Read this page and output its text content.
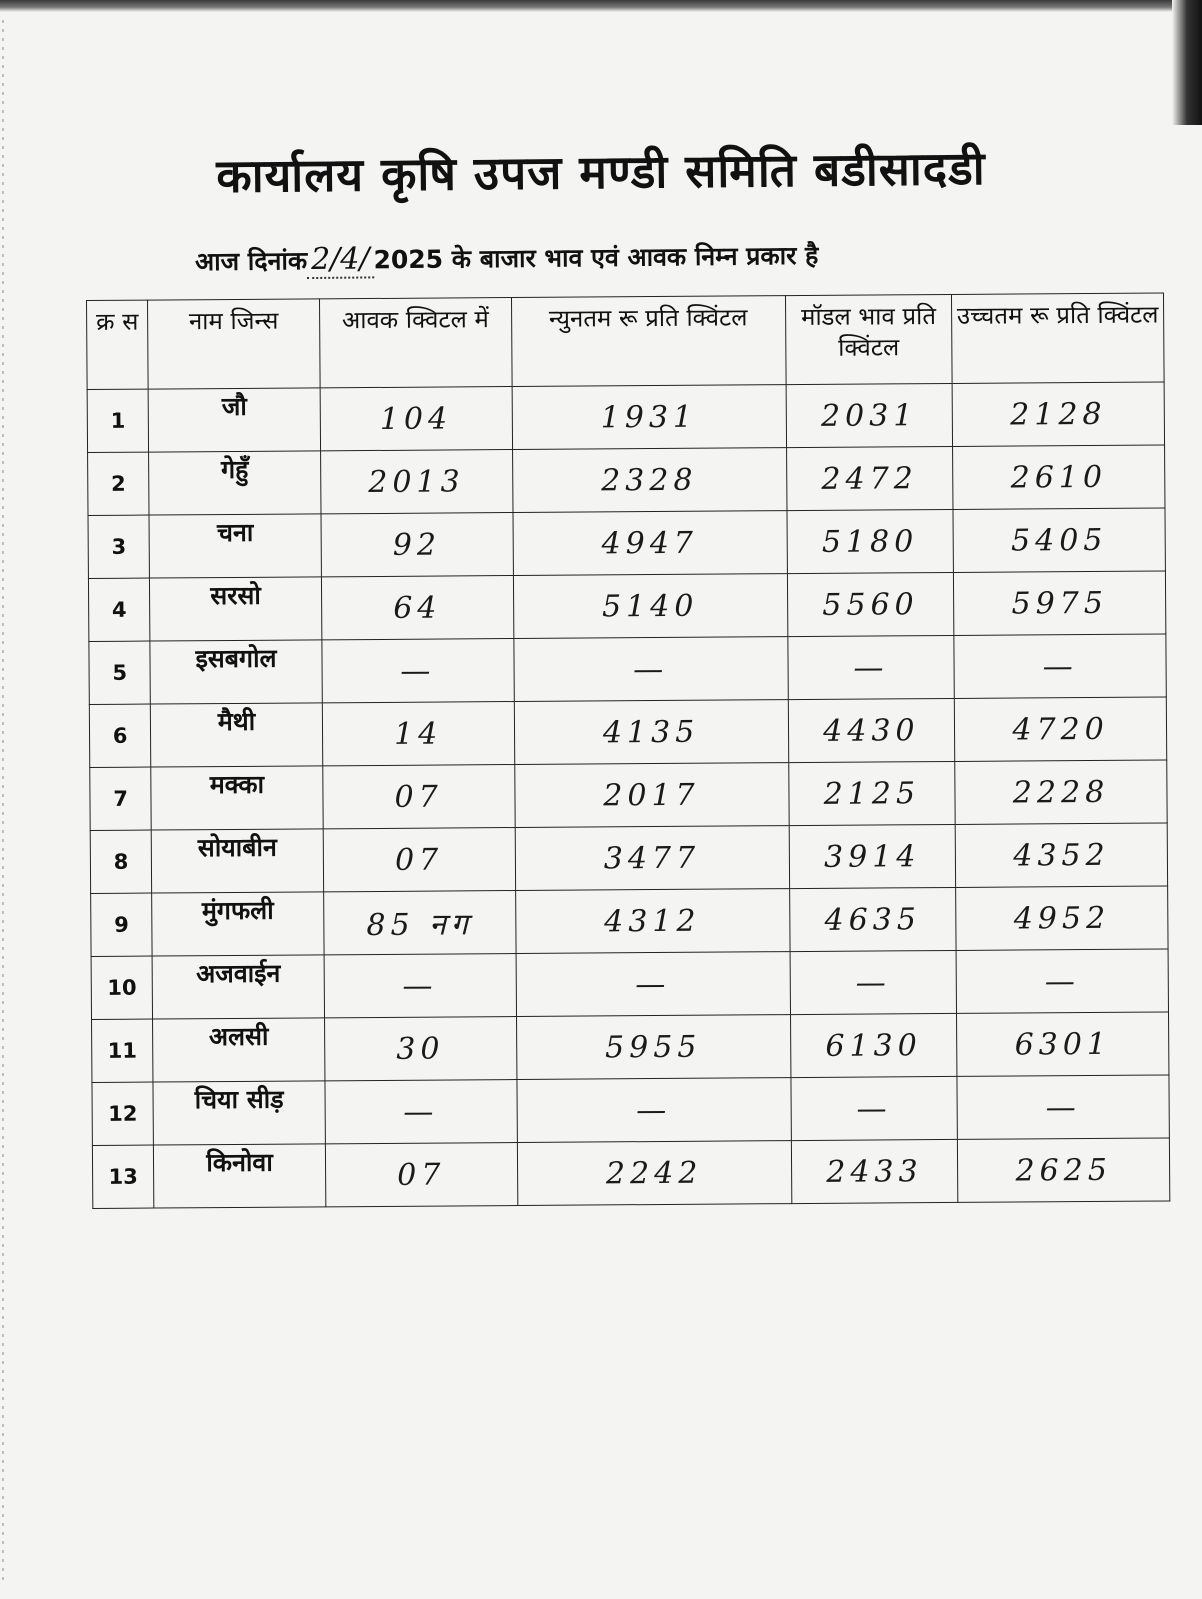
कार्यालय कृषि उपज मण्डी समिति बडीसादडी
आज दिनांक 2/4/ 2025 के बाजार भाव एवं आवक निम्न प्रकार है
क्र स	नाम जिन्स	आवक क्विटल में	न्युनतम रू प्रति क्विंटल	मॉडल भाव प्रति क्विंटल	उच्चतम रू प्रति क्विंटल
1	जौ	104	1931	2031	2128
2	गेहुँ	2013	2328	2472	2610
3	चना	92	4947	5180	5405
4	सरसो	64	5140	5560	5975
5	इसबगोल	—	—	—	—
6	मैथी	14	4135	4430	4720
7	मक्का	07	2017	2125	2228
8	सोयाबीन	07	3477	3914	4352
9	मुंगफली	85 नग	4312	4635	4952
10	अजवाईन	—	—	—	—
11	अलसी	30	5955	6130	6301
12	चिया सीड़	—	—	—	—
13	किनोवा	07	2242	2433	2625
